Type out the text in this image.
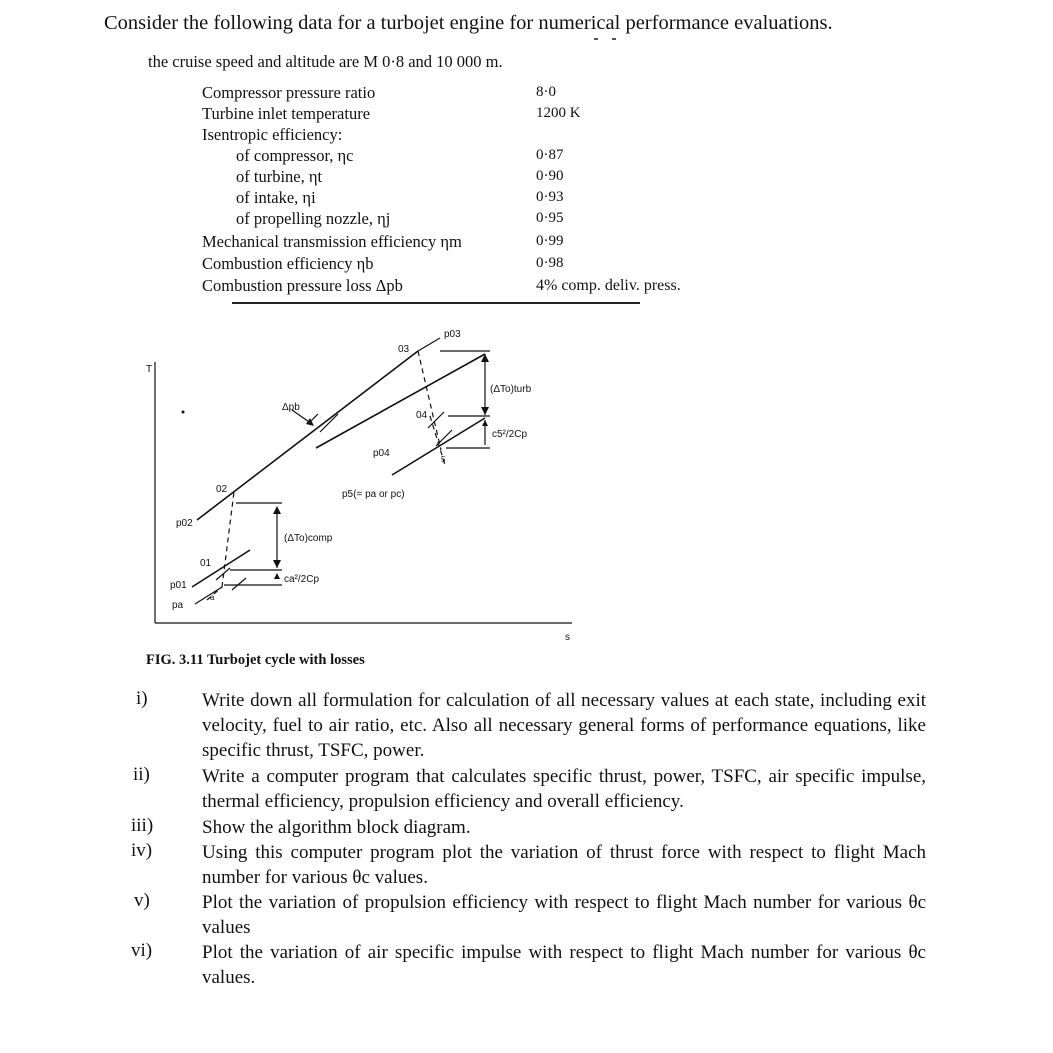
Consider the following data for a turbojet engine for numerical performance evaluations.
the cruise speed and altitude are M 0·8 and 10 000 m.
Compressor pressure ratio	8·0
Turbine inlet temperature	1200 K
Isentropic efficiency:
of compressor, ηc	0·87
of turbine, ηt	0·90
of intake, ηi	0·93
of propelling nozzle, ηj	0·95
Mechanical transmission efficiency ηm	0·99
Combustion efficiency ηb	0·98
Combustion pressure loss Δpb	4% comp. deliv. press.
T
s
p03
03
04
p04
5
Δpb
02
01
a
p02
p01
pa
p5(= pa or pc)
(ΔTo)turb
c5²/2Cp
(ΔTo)comp
ca²/2Cp
FIG. 3.11 Turbojet cycle with losses
i)	Write down all formulation for calculation of all necessary values at each state, including exit velocity, fuel to air ratio, etc. Also all necessary general forms of performance equations, like specific thrust, TSFC, power.
ii)	Write a computer program that calculates specific thrust, power, TSFC, air specific impulse, thermal efficiency, propulsion efficiency and overall efficiency.
iii)	Show the algorithm block diagram.
iv)	Using this computer program plot the variation of thrust force with respect to flight Mach number for various θc values.
v)	Plot the variation of propulsion efficiency with respect to flight Mach number for various θc values
vi)	Plot the variation of air specific impulse with respect to flight Mach number for various θc values.
